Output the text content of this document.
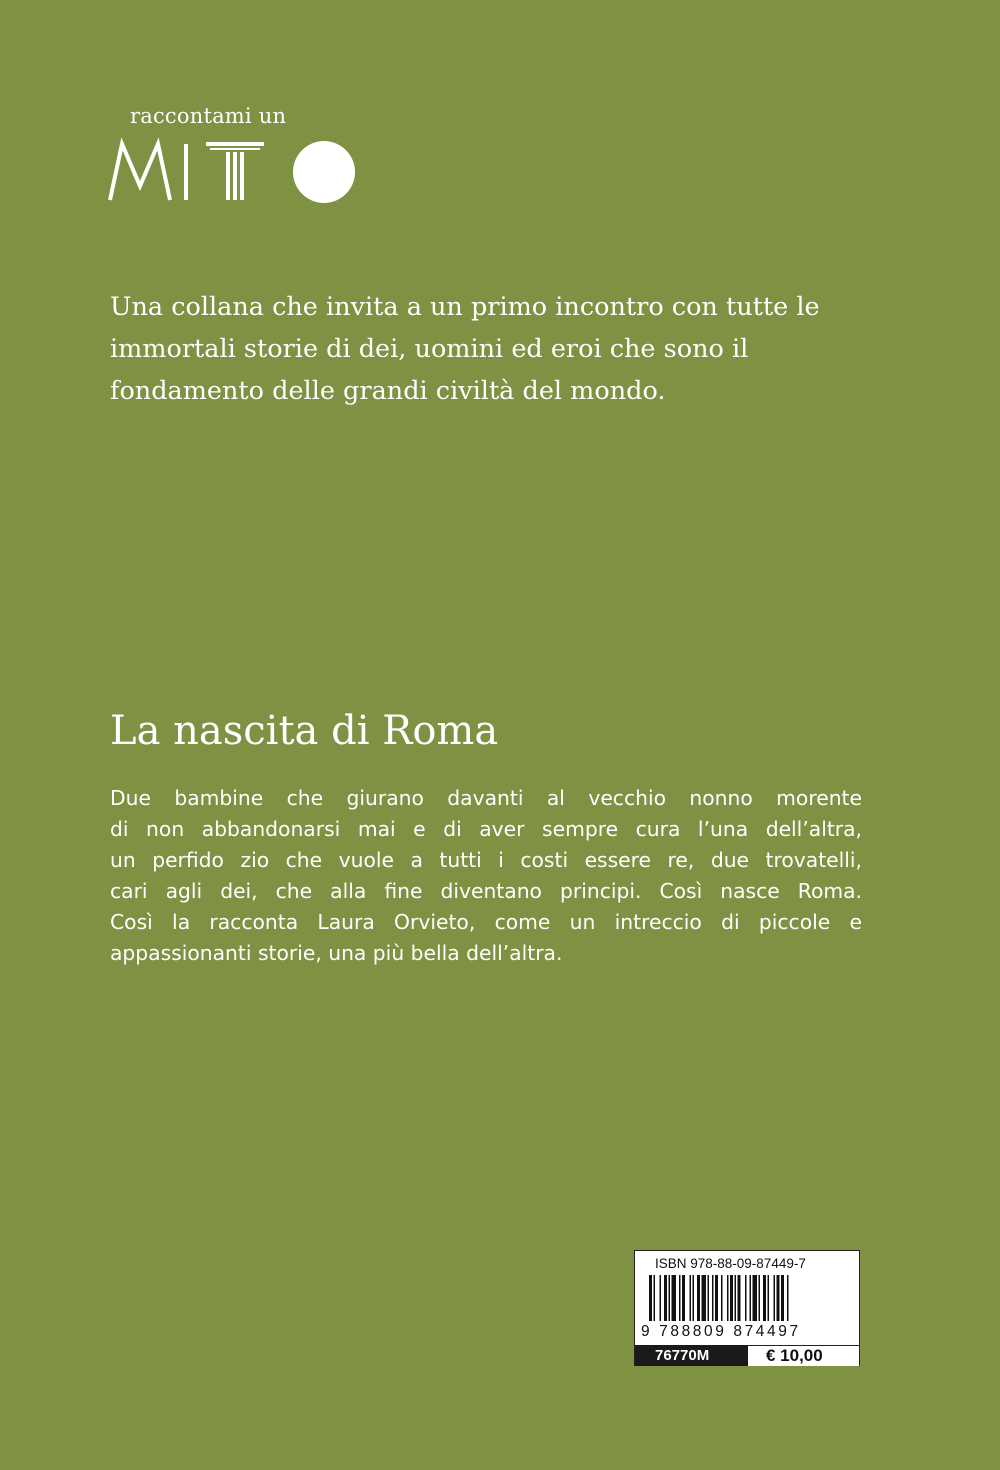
raccontami un

Una collana che invita a un primo incontro con tutte le immortali storie di dei, uomini ed eroi che sono il fondamento delle grandi civiltà del mondo.

La nascita di Roma
Due bambine che giurano davanti al vecchio nonno morente
di non abbandonarsi mai e di aver sempre cura l’una dell’altra,
un perfido zio che vuole a tutti i costi essere re, due trovatelli,
cari agli dei, che alla fine diventano principi. Così nasce Roma.
Così la racconta Laura Orvieto, come un intreccio di piccole e
appassionanti storie, una più bella dell’altra.
ISBN 978-88-09-87449-7
9 788809 874497
76770M	€ 10,00
